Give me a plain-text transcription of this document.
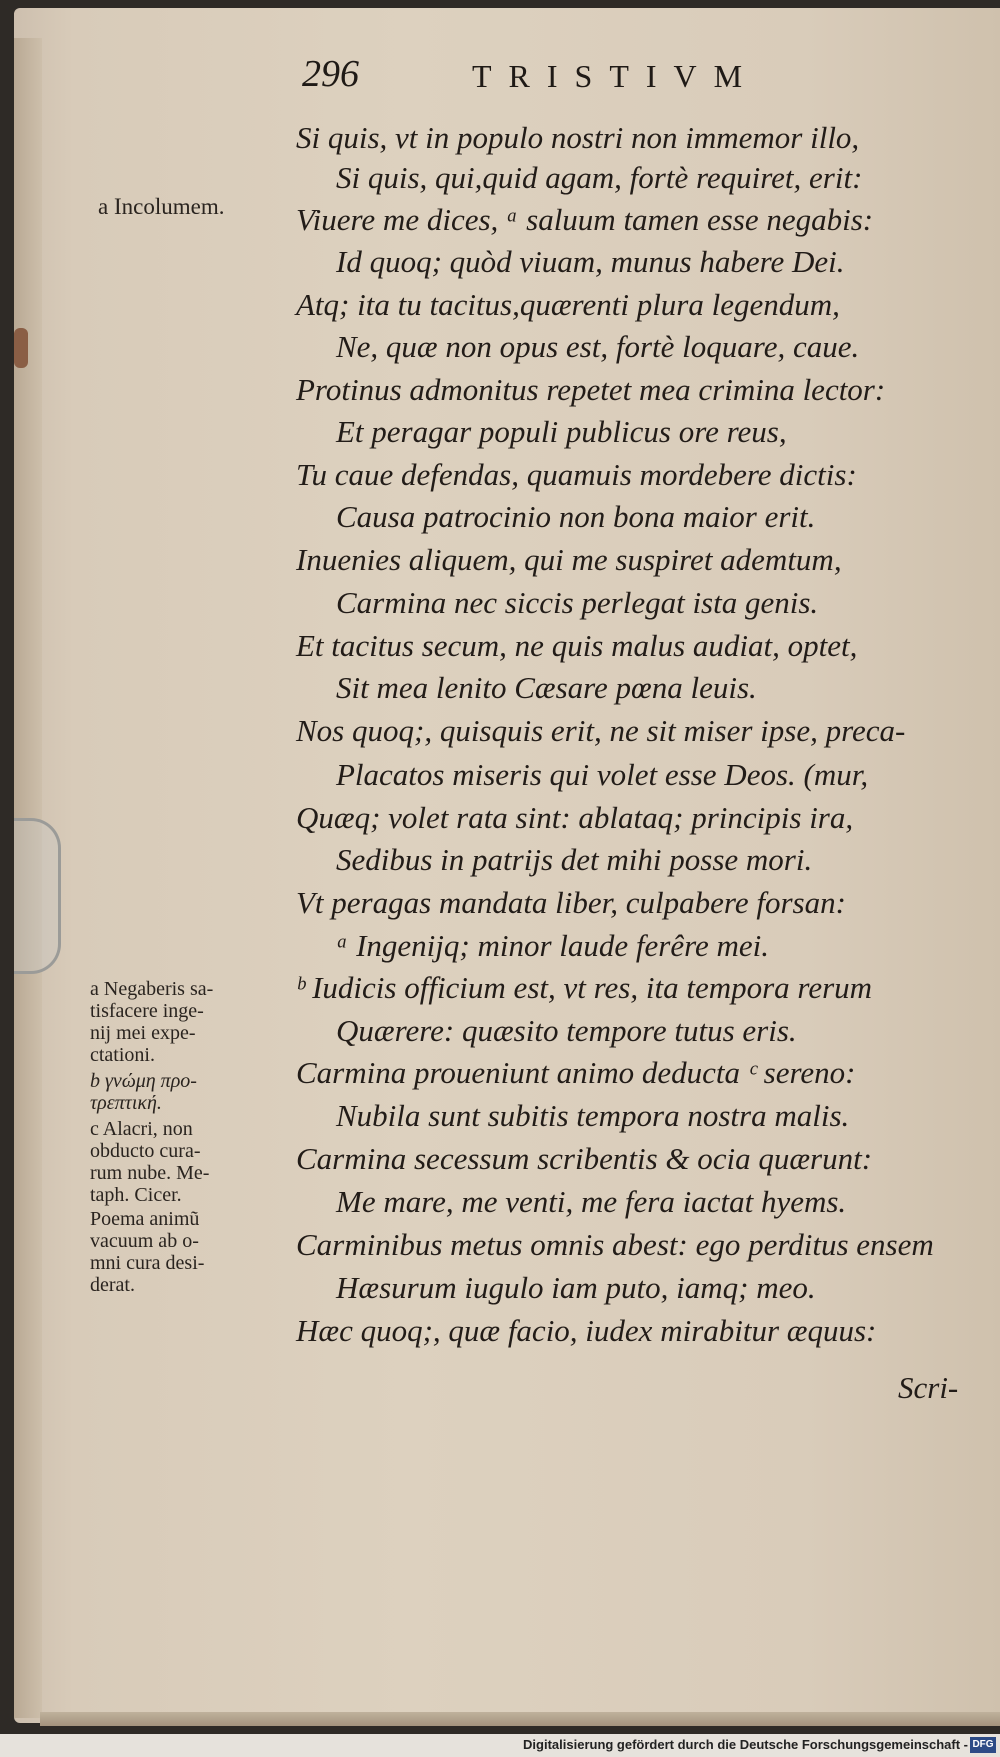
296	TRISTIVM
a Incolumem.
Si quis, vt in populo nostri non immemor illo,
Si quis, qui,quid agam, fortè requiret, erit:
Viuere me dices, ᵃ saluum tamen esse negabis:
Id quoq; quòd viuam, munus habere Dei.
Atq; ita tu tacitus,quærenti plura legendum,
Ne, quæ non opus est, fortè loquare, caue.
Protinus admonitus repetet mea crimina lector:
Et peragar populi publicus ore reus,
Tu caue defendas, quamuis mordebere dictis:
Causa patrocinio non bona maior erit.
Inuenies aliquem, qui me suspiret ademtum,
Carmina nec siccis perlegat ista genis.
Et tacitus secum, ne quis malus audiat, optet,
Sit mea lenito Cæsare pœna leuis.
Nos quoq;, quisquis erit, ne sit miser ipse, preca-
Placatos miseris qui volet esse Deos. (mur,
Quæq; volet rata sint: ablataq; principis ira,
Sedibus in patrijs det mihi posse mori.
Vt peragas mandata liber, culpabere forsan:
ᵃ Ingenijq; minor laude ferêre mei.
ᵇ Iudicis officium est, vt res, ita tempora rerum
Quærere: quæsito tempore tutus eris.
Carmina proueniunt animo deducta ᶜ sereno:
Nubila sunt subitis tempora nostra malis.
Carmina secessum scribentis & ocia quærunt:
Me mare, me venti, me fera iactat hyems.
Carminibus metus omnis abest: ego perditus ensem
Hæsurum iugulo iam puto, iamq; meo.
Hæc quoq;, quæ facio, iudex mirabitur æquus:
Scri-
a Negaberis sa-
tisfacere inge-
nij mei expe-
ctationi.
b γνώμη προ-
τρεπτική.
c Alacri, non
obducto cura-
rum nube. Me-
taph. Cicer.
Poema animũ
vacuum ab o-
mni cura desi-
derat.
Digitalisierung gefördert durch die Deutsche Forschungsgemeinschaft - DFG
